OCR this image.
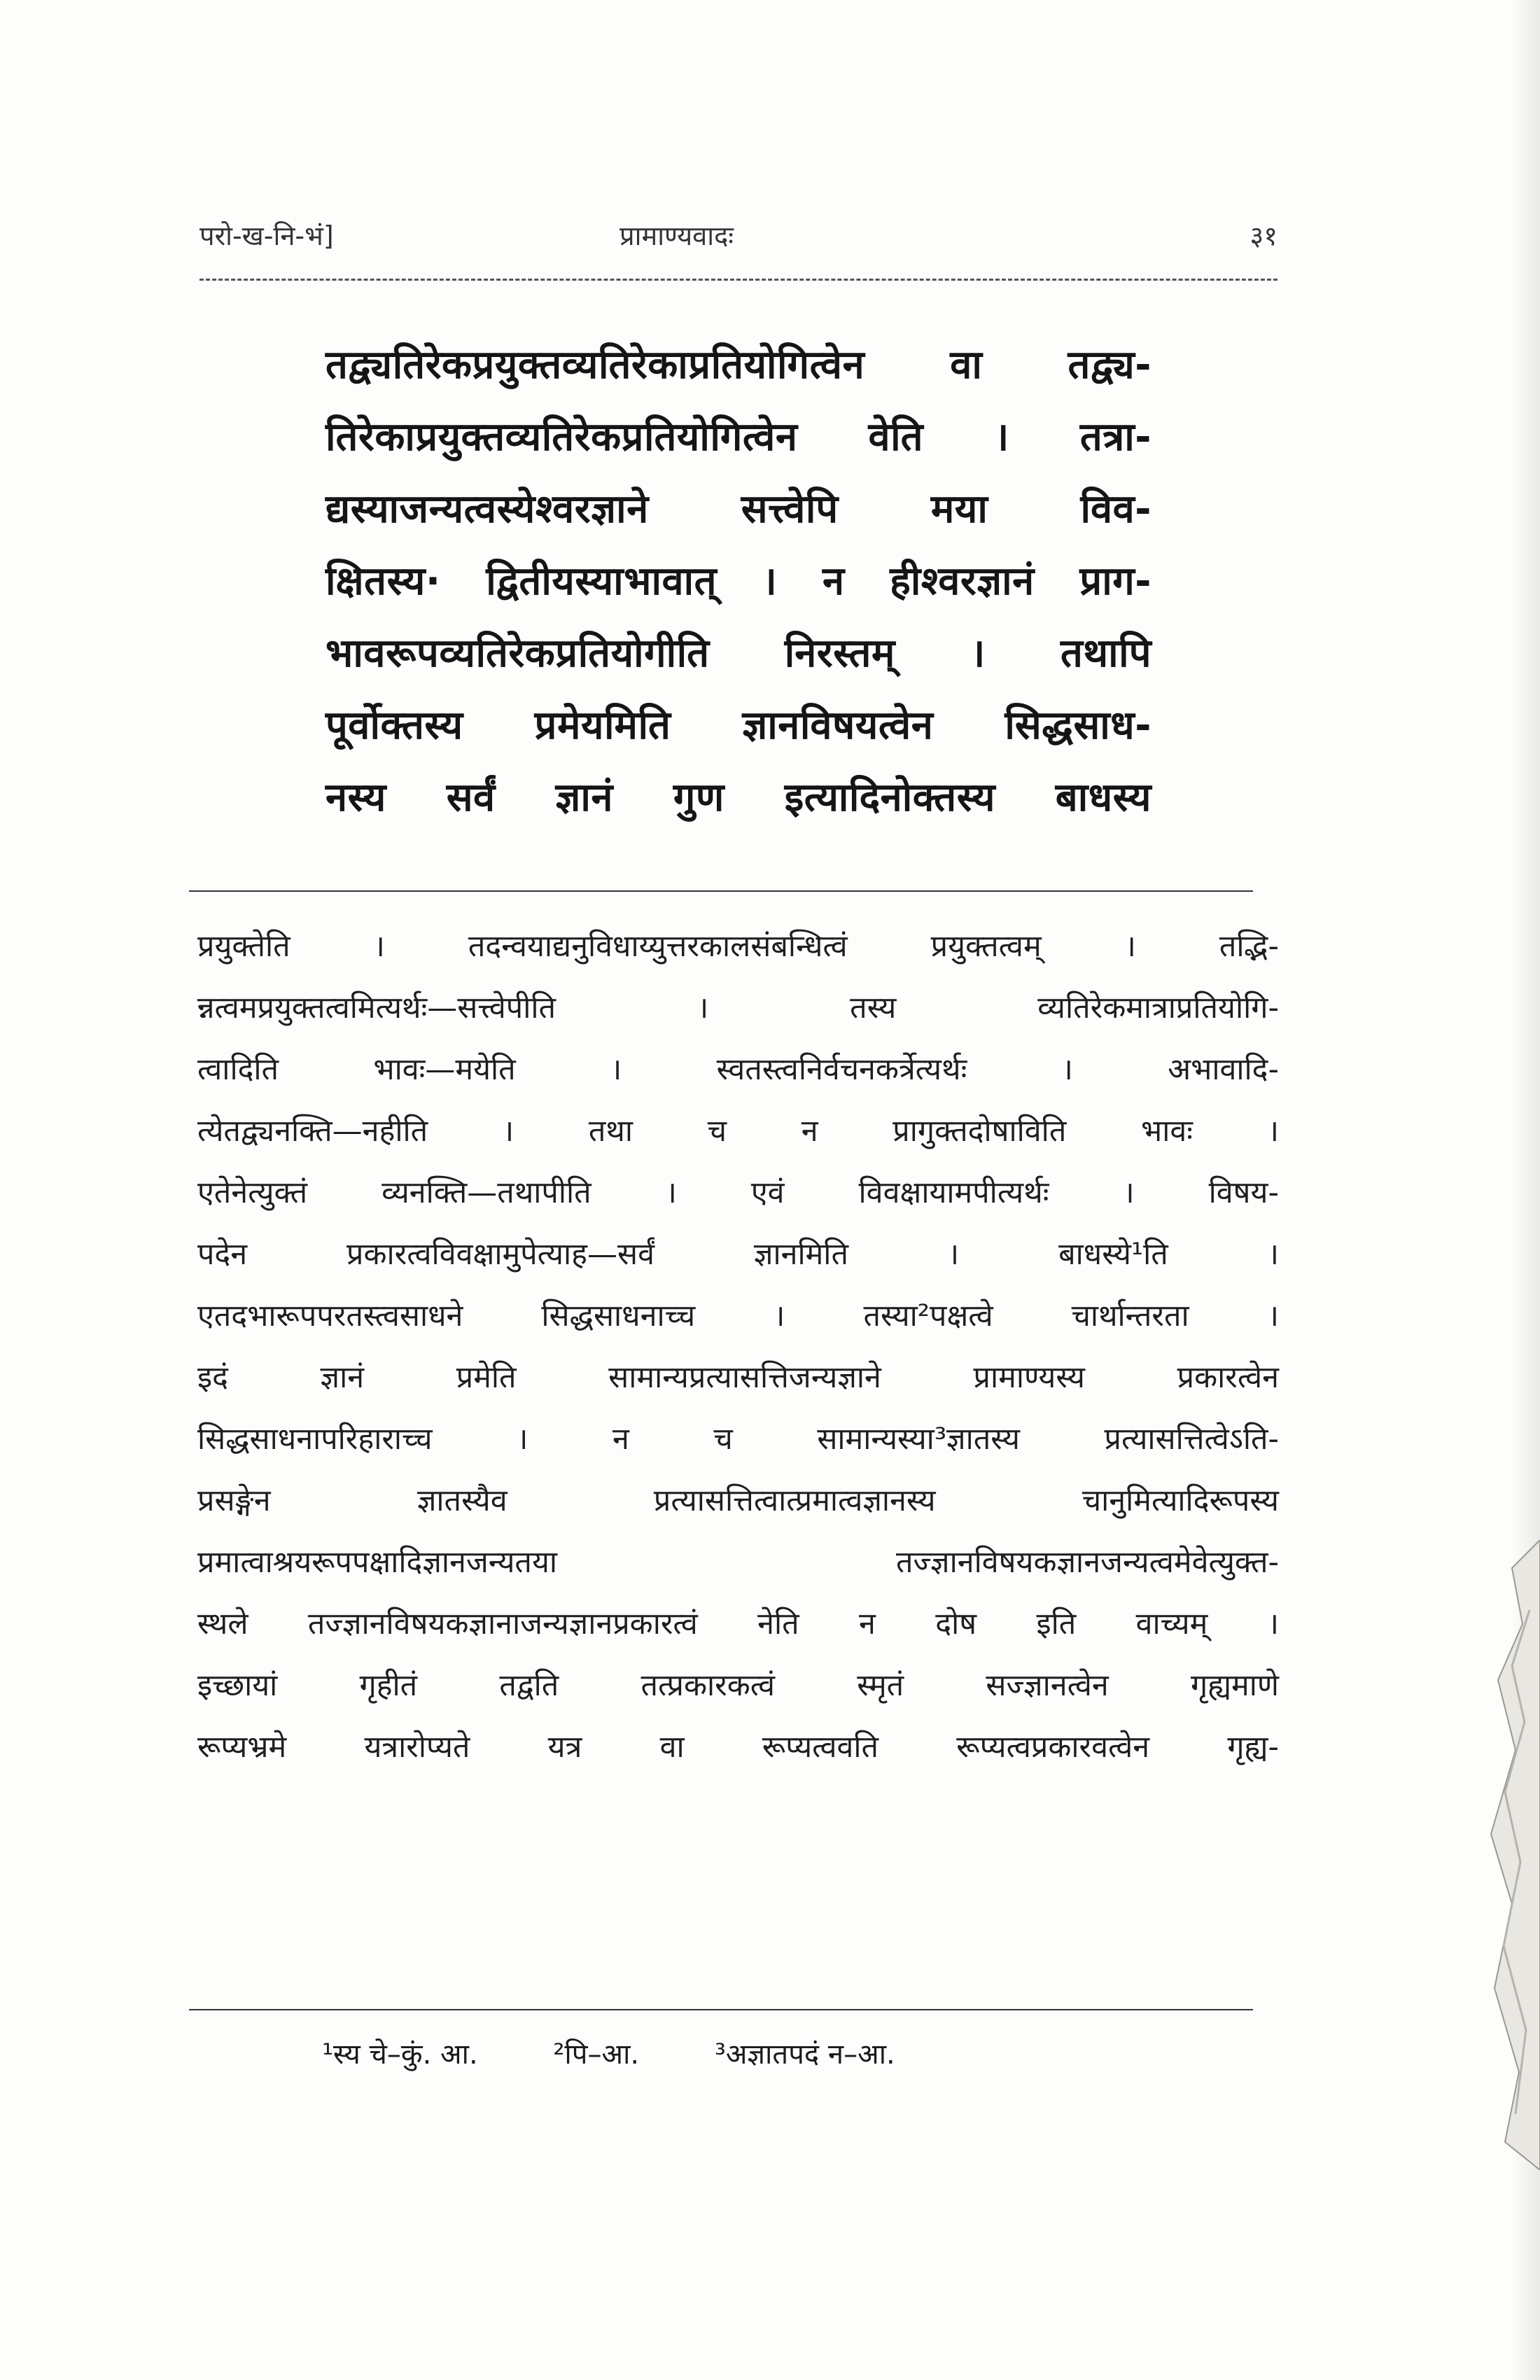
परो-ख-नि-भं]	प्रामाण्यवादः	३१
तद्व्यतिरेकप्रयुक्तव्यतिरेकाप्रतियोगित्वेन वा तद्व्य-
तिरेकाप्रयुक्तव्यतिरेकप्रतियोगित्वेन वेति । तत्रा-
द्यस्याजन्यत्वस्येश्वरज्ञाने सत्त्वेपि मया विव-
क्षितस्य· द्वितीयस्याभावात् । न हीश्वरज्ञानं प्राग-
भावरूपव्यतिरेकप्रतियोगीति निरस्तम् । तथापि
पूर्वोक्तस्य प्रमेयमिति ज्ञानविषयत्वेन सिद्धसाध-
नस्य सर्वं ज्ञानं गुण इत्यादिनोक्तस्य बाधस्य
प्रयुक्तेति । तदन्वयाद्यनुविधाय्युत्तरकालसंबन्धित्वं प्रयुक्तत्वम् । तद्भि-
न्नत्वमप्रयुक्तत्वमित्यर्थः—सत्त्वेपीति । तस्य व्यतिरेकमात्राप्रतियोगि-
त्वादिति भावः—मयेति । स्वतस्त्वनिर्वचनकर्त्रेत्यर्थः । अभावादि-
त्येतद्व्यनक्ति—नहीति । तथा च न प्रागुक्तदोषाविति भावः ।
एतेनेत्युक्तं व्यनक्ति—तथापीति । एवं विवक्षायामपीत्यर्थः । विषय-
पदेन प्रकारत्वविवक्षामुपेत्याह—सर्वं ज्ञानमिति । बाधस्ये¹ति ।
एतदभारूपपरतस्त्वसाधने सिद्धसाधनाच्च । तस्या²पक्षत्वे चार्थान्तरता ।
इदं ज्ञानं प्रमेति सामान्यप्रत्यासत्तिजन्यज्ञाने प्रामाण्यस्य प्रकारत्वेन
सिद्धसाधनापरिहाराच्च । न च सामान्यस्या³ज्ञातस्य प्रत्यासत्तित्वेऽति-
प्रसङ्गेन ज्ञातस्यैव प्रत्यासत्तित्वात्प्रमात्वज्ञानस्य चानुमित्यादिरूपस्य
प्रमात्वाश्रयरूपपक्षादिज्ञानजन्यतया तज्ज्ञानविषयकज्ञानजन्यत्वमेवेत्युक्त-
स्थले तज्ज्ञानविषयकज्ञानाजन्यज्ञानप्रकारत्वं नेति न दोष इति वाच्यम् ।
इच्छायां गृहीतं तद्वति तत्प्रकारकत्वं स्मृतं सज्ज्ञानत्वेन गृह्यमाणे
रूप्यभ्रमे यत्रारोप्यते यत्र वा रूप्यत्ववति रूप्यत्वप्रकारवत्वेन गृह्य-
¹स्य चे–कुं. आ.	²पि–आ.	³अज्ञातपदं न–आ.
